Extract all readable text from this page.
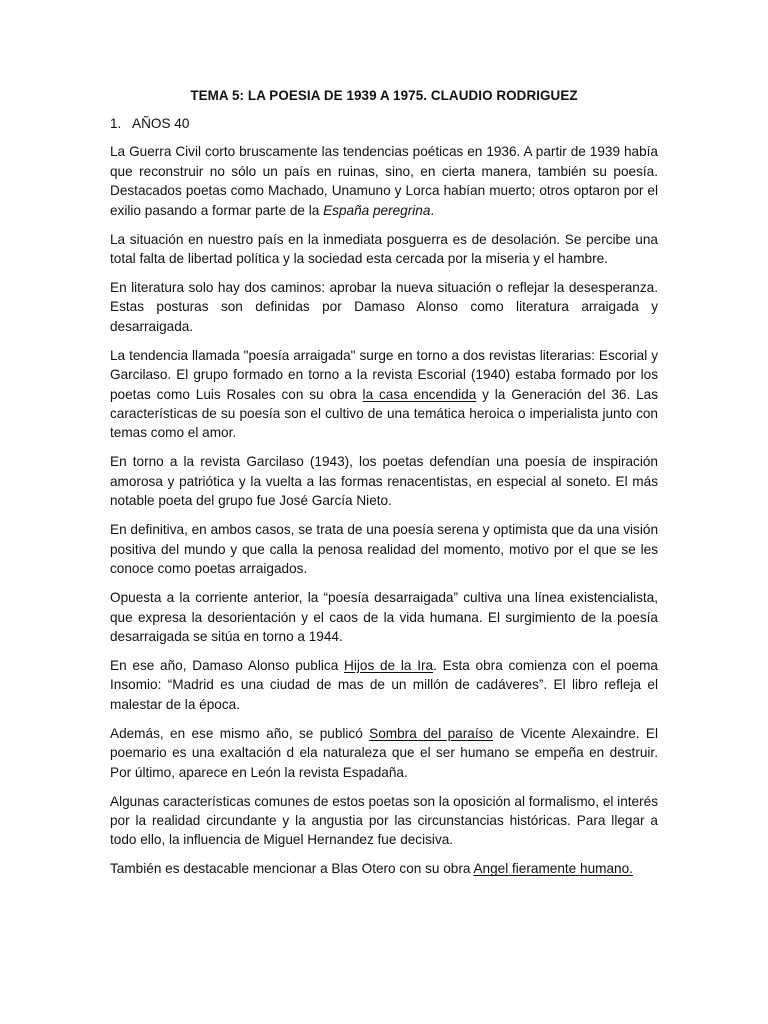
TEMA 5: LA POESIA DE 1939 A 1975. CLAUDIO RODRIGUEZ
1. AÑOS 40

La Guerra Civil corto bruscamente las tendencias poéticas en 1936. A partir de 1939 había que reconstruir no sólo un país en ruinas, sino, en cierta manera, también su poesía. Destacados poetas como Machado, Unamuno y Lorca habían muerto; otros optaron por el exilio pasando a formar parte de la España peregrina.

La situación en nuestro país en la inmediata posguerra es de desolación. Se percibe una total falta de libertad política y la sociedad esta cercada por la miseria y el hambre.

En literatura solo hay dos caminos: aprobar la nueva situación o reflejar la desesperanza. Estas posturas son definidas por Damaso Alonso como literatura arraigada y desarraigada.

La tendencia llamada "poesía arraigada" surge en torno a dos revistas literarias: Escorial y Garcilaso. El grupo formado en torno a la revista Escorial (1940) estaba formado por los poetas como Luis Rosales con su obra la casa encendida y la Generación del 36. Las características de su poesía son el cultivo de una temática heroica o imperialista junto con temas como el amor.

En torno a la revista Garcilaso (1943), los poetas defendían una poesía de inspiración amorosa y patriótica y la vuelta a las formas renacentistas, en especial al soneto. El más notable poeta del grupo fue José García Nieto.

En definitiva, en ambos casos, se trata de una poesía serena y optimista que da una visión positiva del mundo y que calla la penosa realidad del momento, motivo por el que se les conoce como poetas arraigados.

Opuesta a la corriente anterior, la “poesía desarraigada” cultiva una línea existencialista, que expresa la desorientación y el caos de la vida humana. El surgimiento de la poesía desarraigada se sitúa en torno a 1944.

En ese año, Damaso Alonso publica Hijos de la Ira. Esta obra comienza con el poema Insomio: “Madrid es una ciudad de mas de un millón de cadáveres”. El libro refleja el malestar de la época.

Además, en ese mismo año, se publicó Sombra del paraíso de Vicente Alexaindre. El poemario es una exaltación d ela naturaleza que el ser humano se empeña en destruir. Por último, aparece en León la revista Espadaña.

Algunas características comunes de estos poetas son la oposición al formalismo, el interés por la realidad circundante y la angustia por las circunstancias históricas. Para llegar a todo ello, la influencia de Miguel Hernandez fue decisiva.

También es destacable mencionar a Blas Otero con su obra Angel fieramente humano.
